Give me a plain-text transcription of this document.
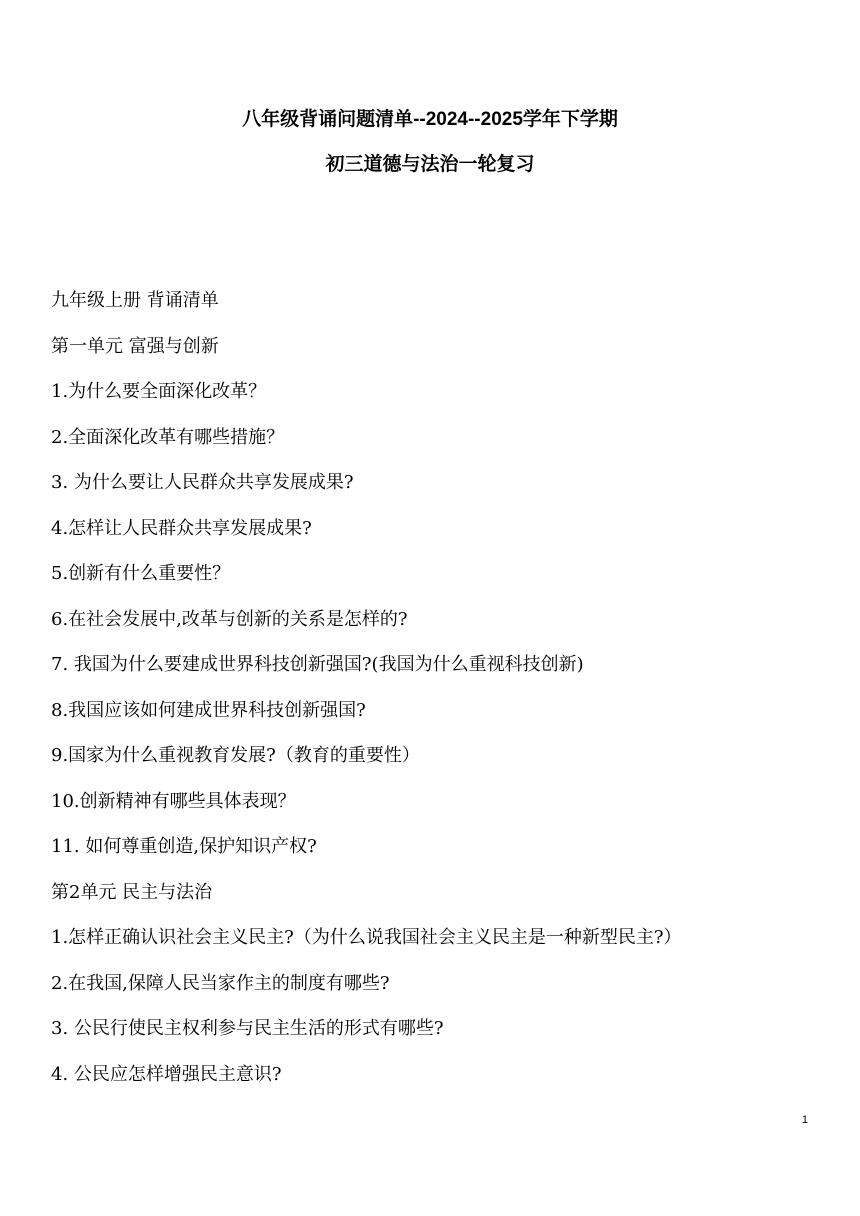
八年级背诵问题清单--2024--2025学年下学期
初三道德与法治一轮复习
九年级上册 背诵清单
第一单元 富强与创新
1.为什么要全面深化改革？
2.全面深化改革有哪些措施？
3. 为什么要让人民群众共享发展成果?
4.怎样让人民群众共享发展成果?
5.创新有什么重要性？
6.在社会发展中,改革与创新的关系是怎样的?
7. 我国为什么要建成世界科技创新强国?(我国为什么重视科技创新)
8.我国应该如何建成世界科技创新强国?
9.国家为什么重视教育发展?（教育的重要性）
10.创新精神有哪些具体表现？
11. 如何尊重创造,保护知识产权?
第2单元 民主与法治
1.怎样正确认识社会主义民主?（为什么说我国社会主义民主是一种新型民主?）
2.在我国,保障人民当家作主的制度有哪些?
3. 公民行使民主权利参与民主生活的形式有哪些?
4. 公民应怎样增强民主意识?
1
